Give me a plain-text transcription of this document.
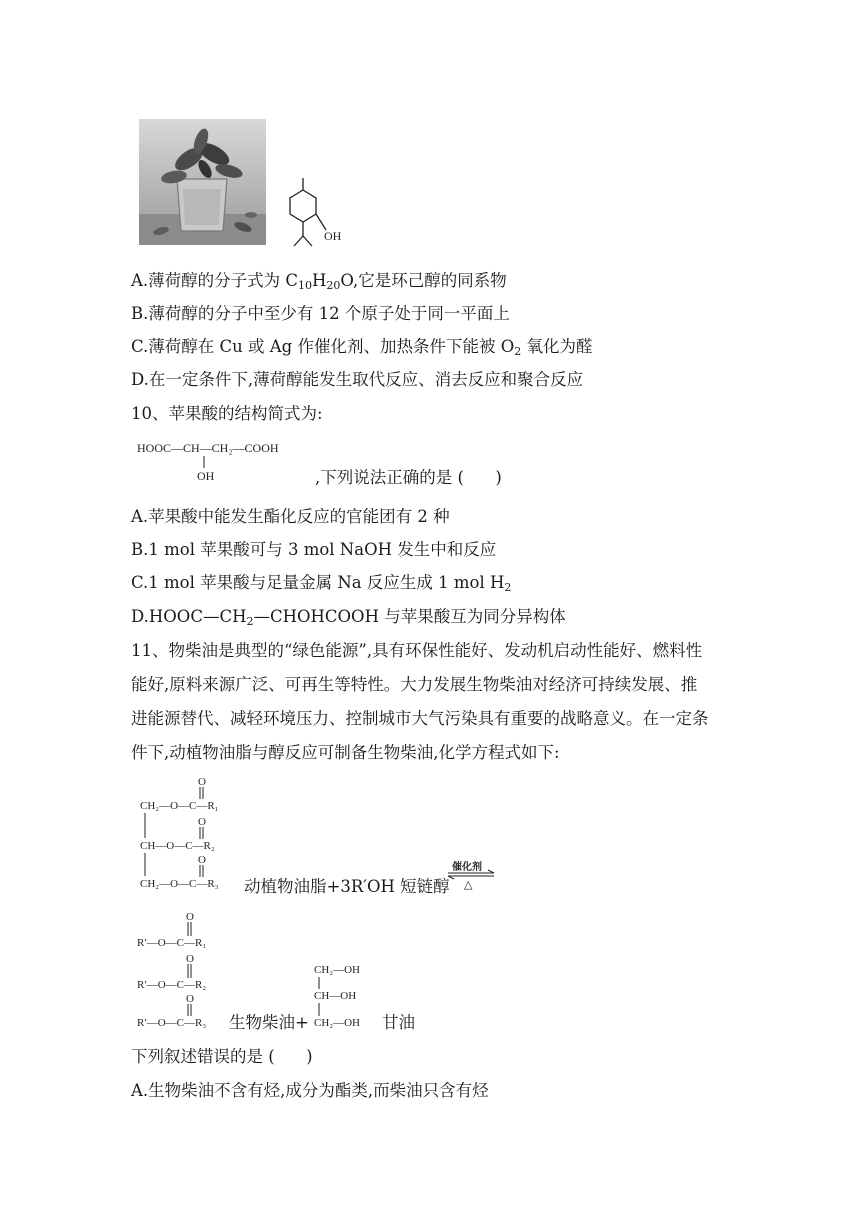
OH
A.薄荷醇的分子式为 $C_{10}H_{20}O$,它是环己醇的同系物
B.薄荷醇的分子中至少有 12 个原子处于同一平面上
C.薄荷醇在 Cu 或 Ag 作催化剂、加热条件下能被 $O_2$ 氧化为醛
D.在一定条件下,薄荷醇能发生取代反应、消去反应和聚合反应
10、苹果酸的结构简式为:
HOOC—CH—CH₂—COOH
OH	,下列说法正确的是 (      )
A.苹果酸中能发生酯化反应的官能团有 2 种
B.1 mol 苹果酸可与 3 mol NaOH 发生中和反应
C.1 mol 苹果酸与足量金属 Na 反应生成 1 mol $H_2$
$D.HOOC—CH_2—CHOHCOOH$ 与苹果酸互为同分异构体
11、物柴油是典型的“绿色能源”,具有环保性能好、发动机启动性能好、燃料性
能好,原料来源广泛、可再生等特性。大力发展生物柴油对经济可持续发展、推
进能源替代、减轻环境压力、控制城市大气污染具有重要的战略意义。在一定条
件下,动植物油脂与醇反应可制备生物柴油,化学方程式如下:
O
CH₂—O—C—R₁
O
CH—O—C—R₂
O
CH₂—O—C—R₃ 动植物油脂+3R′OH 短链醇
催化剂
△
O
R′—O—C—R₁
O
R′—O—C—R₂
O
R′—O—C—R₃ 生物柴油+
CH₂—OH
CH—OH
CH₂—OH 甘油
下列叙述错误的是 (      )
A.生物柴油不含有烃,成分为酯类,而柴油只含有烃
